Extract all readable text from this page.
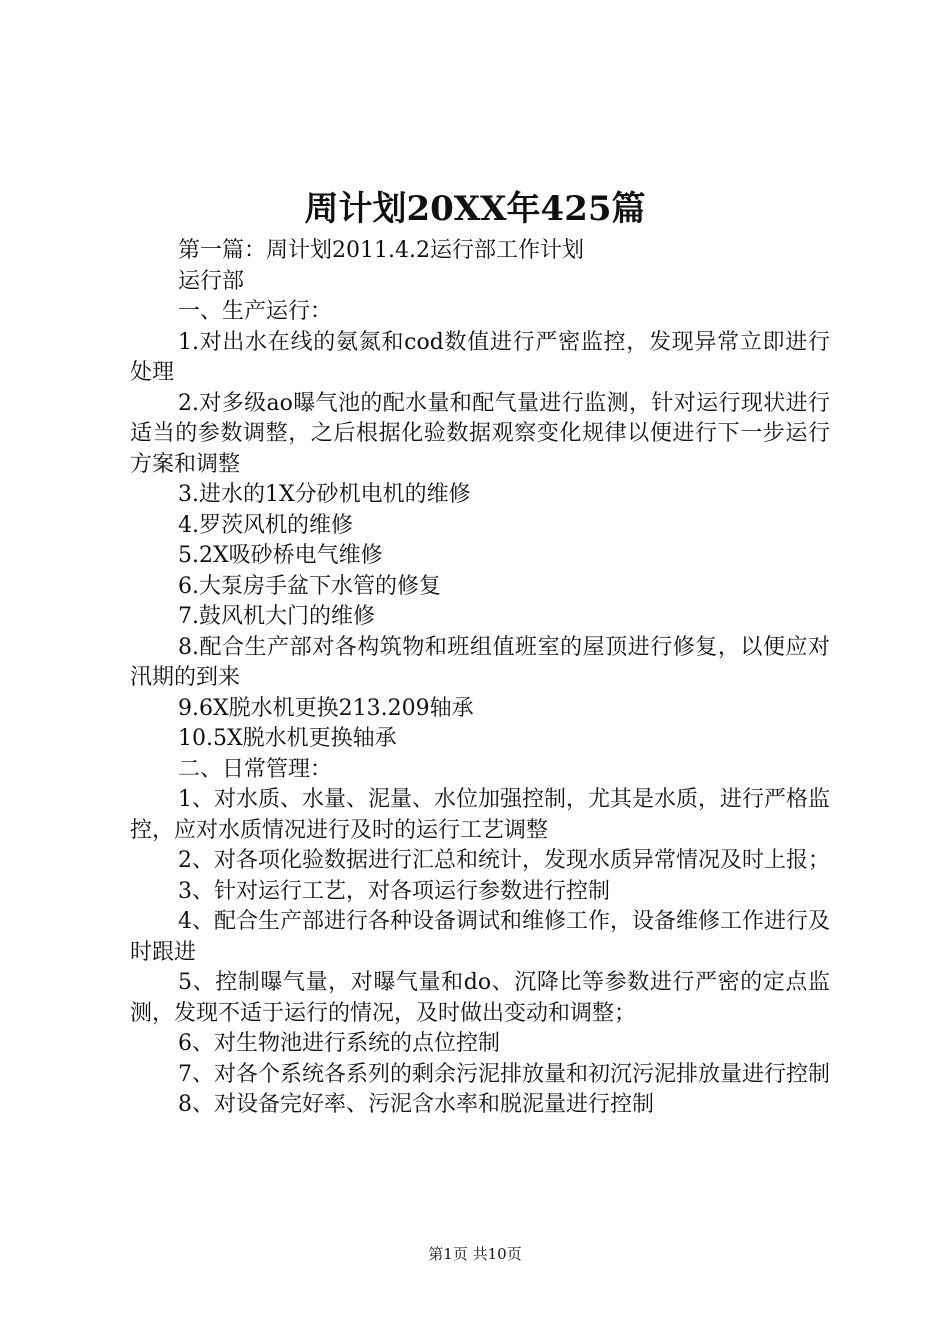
周计划20XX年425篇

第一篇：周计划2011.4.2运行部工作计划

运行部

一、生产运行：

1.对出水在线的氨氮和cod数值进行严密监控，发现异常立即进行处理

2.对多级ao曝气池的配水量和配气量进行监测，针对运行现状进行适当的参数调整，之后根据化验数据观察变化规律以便进行下一步运行方案和调整

3.进水的1X分砂机电机的维修

4.罗茨风机的维修

5.2X吸砂桥电气维修

6.大泵房手盆下水管的修复

7.鼓风机大门的维修

8.配合生产部对各构筑物和班组值班室的屋顶进行修复，以便应对汛期的到来

9.6X脱水机更换213.209轴承

10.5X脱水机更换轴承

二、日常管理：

1、对水质、水量、泥量、水位加强控制，尤其是水质，进行严格监控，应对水质情况进行及时的运行工艺调整

2、对各项化验数据进行汇总和统计，发现水质异常情况及时上报；

3、针对运行工艺，对各项运行参数进行控制

4、配合生产部进行各种设备调试和维修工作，设备维修工作进行及时跟进

5、控制曝气量，对曝气量和do、沉降比等参数进行严密的定点监测，发现不适于运行的情况，及时做出变动和调整；

6、对生物池进行系统的点位控制

7、对各个系统各系列的剩余污泥排放量和初沉污泥排放量进行控制

8、对设备完好率、污泥含水率和脱泥量进行控制

第1页 共10页
